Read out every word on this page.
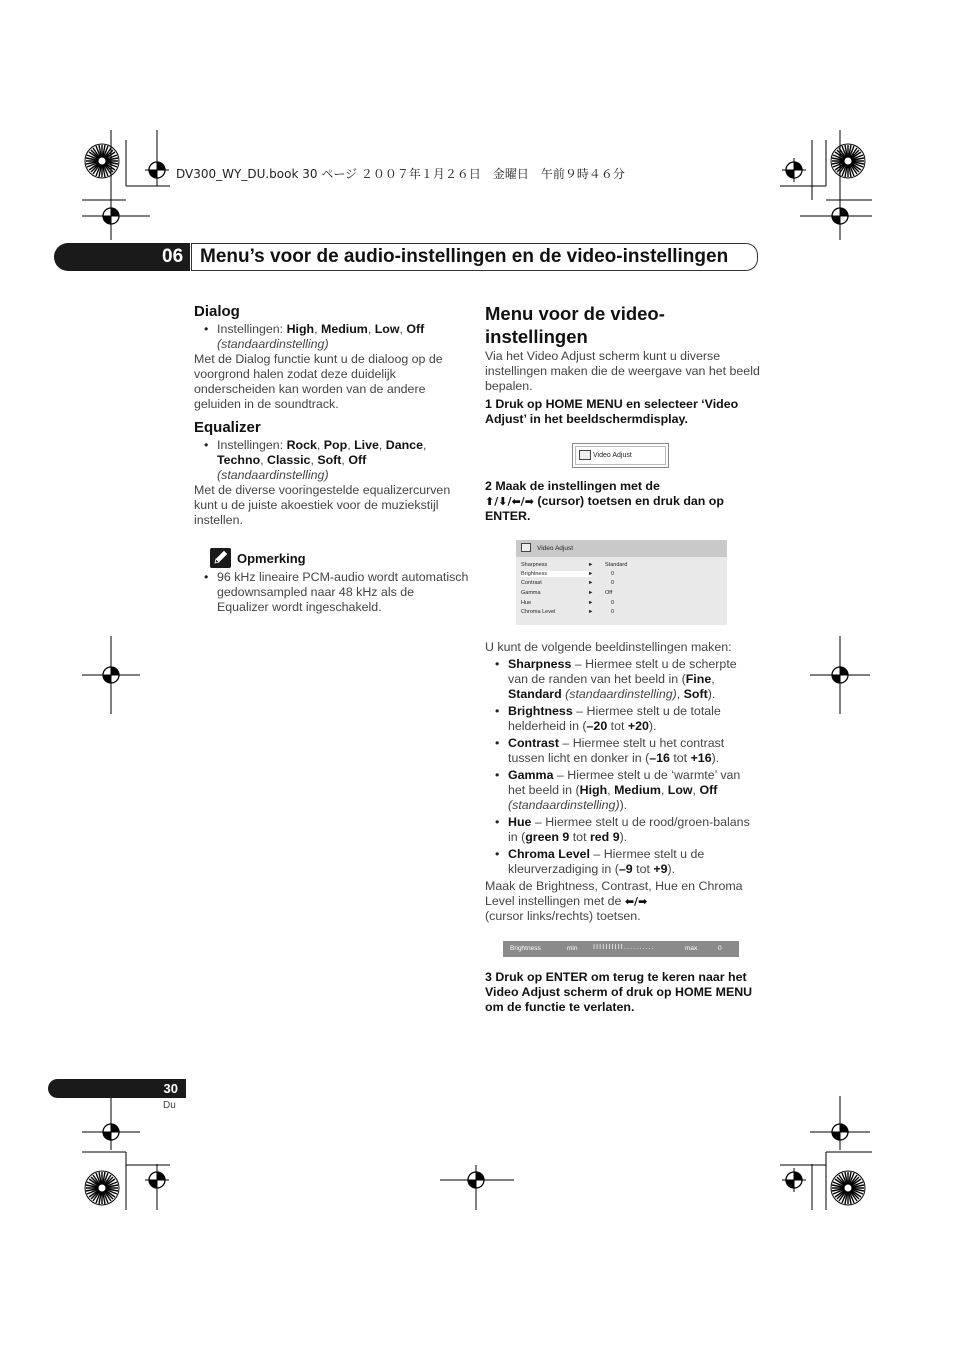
DV300_WY_DU.book 30 ページ ２００７年１月２６日　金曜日　午前９時４６分
06 Menu’s voor de audio-instellingen en de video-instellingen
Dialog
• Instellingen: High, Medium, Low, Off
(standaardinstelling)
Met de Dialog functie kunt u de dialoog op de voorgrond halen zodat deze duidelijk onderscheiden kan worden van de andere geluiden in de soundtrack.
Equalizer
• Instellingen: Rock, Pop, Live, Dance,
Techno, Classic, Soft, Off
(standaardinstelling)
Met de diverse vooringestelde equalizercurven kunt u de juiste akoestiek voor de muziekstijl instellen.
Opmerking
• 96 kHz lineaire PCM-audio wordt automatisch gedownsampled naar 48 kHz als de Equalizer wordt ingeschakeld.
Menu voor de video-instellingen
Via het Video Adjust scherm kunt u diverse instellingen maken die de weergave van het beeld bepalen.
1 Druk op HOME MENU en selecteer ‘Video Adjust’ in het beeldschermdisplay.
Video Adjust
2 Maak de instellingen met de
⬆/⬇/⬅/➡ (cursor) toetsen en druk dan op ENTER.
Video Adjust
Sharpness	► Standard
Brightness	►	0
Contrast	►	0
Gamma	► Off
Hue	►	0
Chroma Level	►	0
U kunt de volgende beeldinstellingen maken:
• Sharpness – Hiermee stelt u de scherpte van de randen van het beeld in (Fine, Standard (standaardinstelling), Soft).
• Brightness – Hiermee stelt u de totale helderheid in (–20 tot +20).
• Contrast – Hiermee stelt u het contrast tussen licht en donker in (–16 tot +16).
• Gamma – Hiermee stelt u de ‘warmte’ van het beeld in (High, Medium, Low, Off (standaardinstelling)).
• Hue – Hiermee stelt u de rood/groen-balans in (green 9 tot red 9).
• Chroma Level – Hiermee stelt u de kleurverzadiging in (–9 tot +9).
Maak de Brightness, Contrast, Hue en Chroma Level instellingen met de ⬅/➡
(cursor links/rechts) toetsen.
Brightness	min I I I I I I I I I I . . . . . . . . . .	max	0
3 Druk op ENTER om terug te keren naar het Video Adjust scherm of druk op HOME MENU om de functie te verlaten.
30
Du
